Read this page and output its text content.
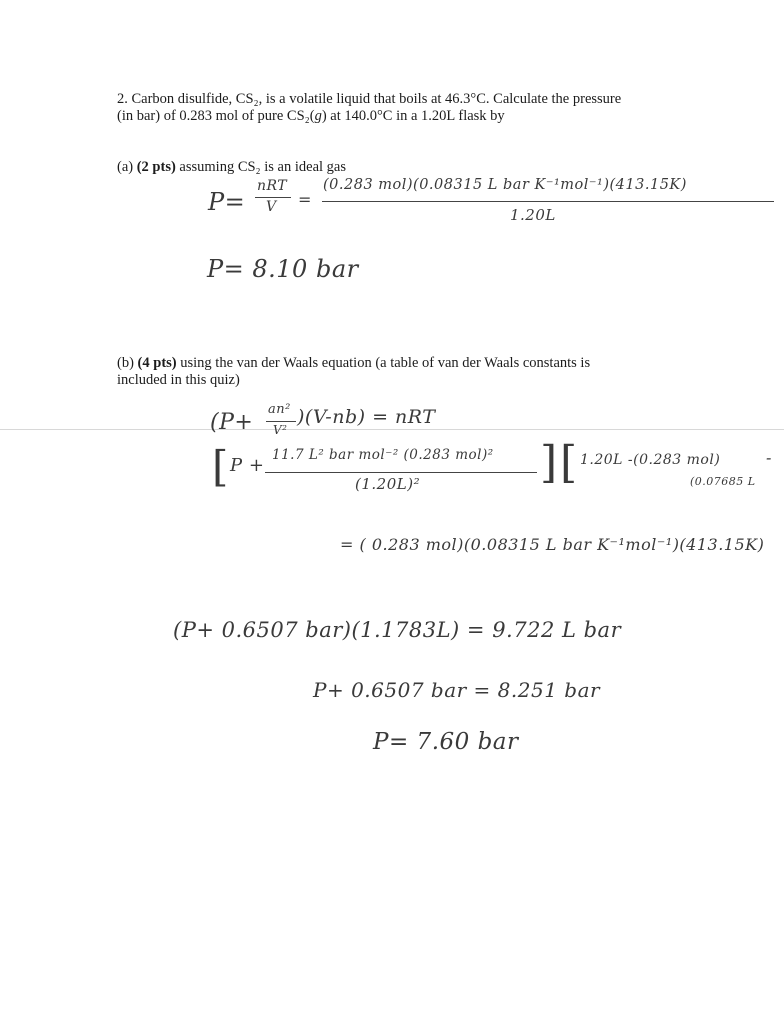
2. Carbon disulfide, CS₂, is a volatile liquid that boils at 46.3°C. Calculate the pressure
(in bar) of 0.283 mol of pure CS₂(g) at 140.0°C in a 1.20L flask by
(a) (2 pts) assuming CS₂ is an ideal gas
P=
nRT
V =
(0.283 mol)(0.08315 L bar K⁻¹mol⁻¹)(413.15K)
1.20L
P= 8.10 bar
(b) (4 pts) using the van der Waals equation (a table of van der Waals constants is
included in this quiz)
(P+
an²
V²
)(V-nb) = nRT
[ P + 11.7 L² bar mol⁻² (0.283 mol)²
(1.20L)²	] [ 1.20L -(0.283 mol)
(0.07685 L
-
= ( 0.283 mol)(0.08315 L bar K⁻¹mol⁻¹)(413.15K)
(P+ 0.6507 bar)(1.1783L) = 9.722 L bar
P+ 0.6507 bar = 8.251 bar
P= 7.60 bar
